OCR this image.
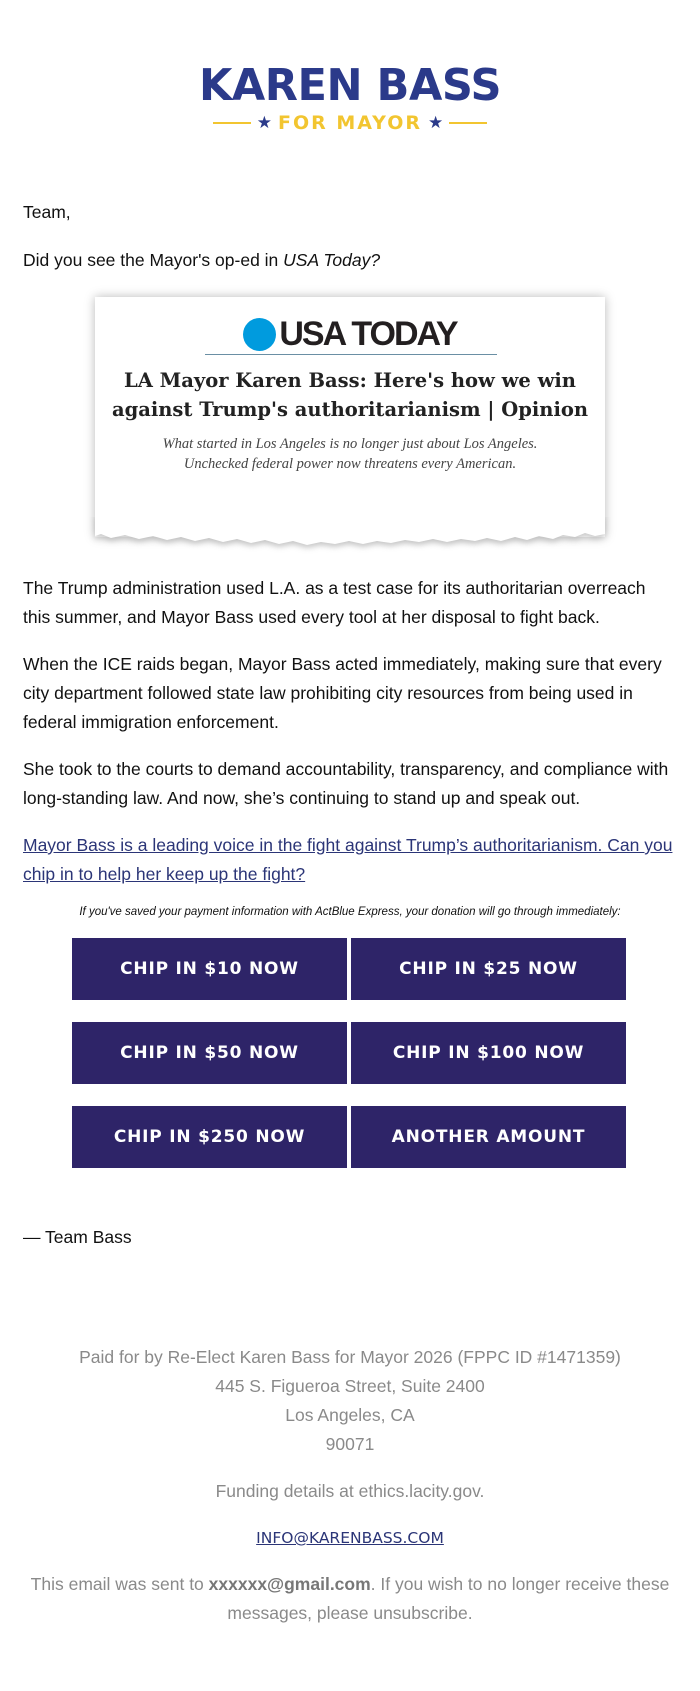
KAREN BASS
★ FOR MAYOR ★

Team,

Did you see the Mayor's op-ed in USA Today?

USA TODAY
LA Mayor Karen Bass: Here's how we win
against Trump's authoritarianism | Opinion
What started in Los Angeles is no longer just about Los Angeles.
Unchecked federal power now threatens every American.

The Trump administration used L.A. as a test case for its authoritarian overreach this summer, and Mayor Bass used every tool at her disposal to fight back.

When the ICE raids began, Mayor Bass acted immediately, making sure that every city department followed state law prohibiting city resources from being used in federal immigration enforcement.

She took to the courts to demand accountability, transparency, and compliance with long-standing law. And now, she’s continuing to stand up and speak out.

Mayor Bass is a leading voice in the fight against Trump’s authoritarianism. Can you chip in to help her keep up the fight?
If you've saved your payment information with ActBlue Express, your donation will go through immediately:
CHIP IN $10 NOW	CHIP IN $25 NOW
CHIP IN $50 NOW	CHIP IN $100 NOW
CHIP IN $250 NOW	ANOTHER AMOUNT

— Team Bass

Paid for by Re-Elect Karen Bass for Mayor 2026 (FPPC ID #1471359)
445 S. Figueroa Street, Suite 2400
Los Angeles, CA
90071
Funding details at ethics.lacity.gov.
INFO@KARENBASS.COM
This email was sent to xxxxxx@gmail.com. If you wish to no longer receive these messages, please unsubscribe.
